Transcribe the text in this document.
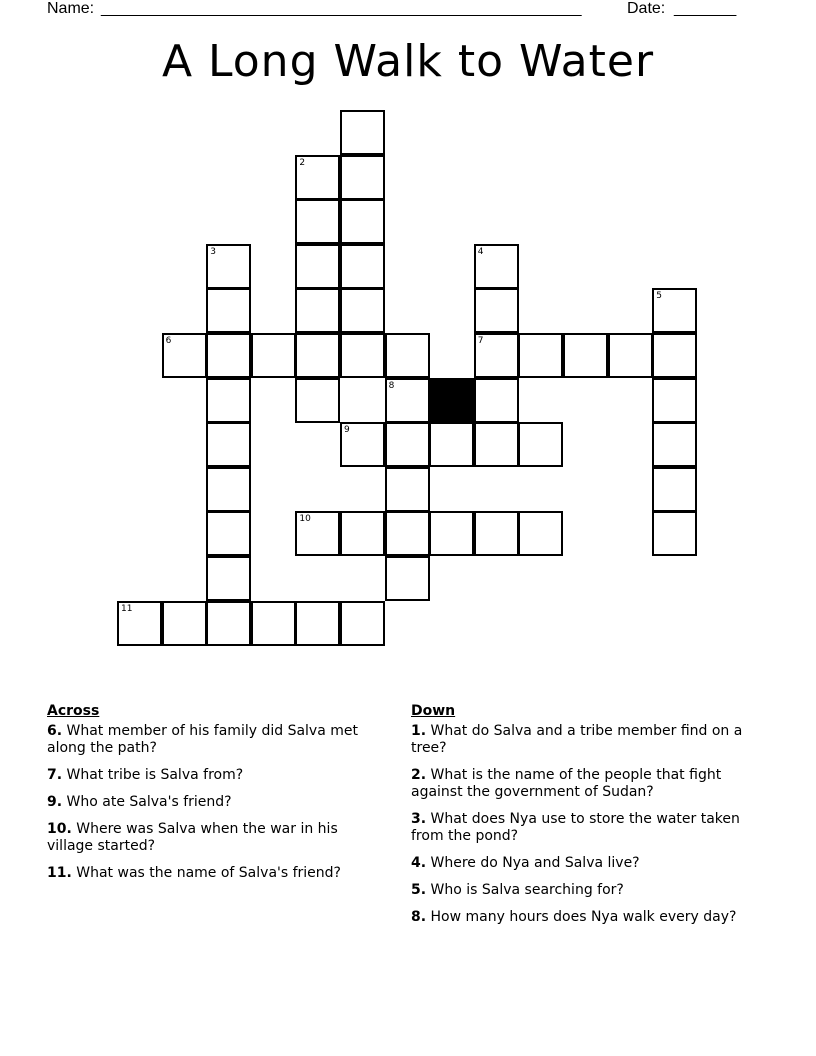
Name: ______________________________________________________	Date: _______
A Long Walk to Water
6	7
9
10
11
2
3	4
5
8
Across
6. What member of his family did Salva met along the path?
7. What tribe is Salva from?
9. Who ate Salva's friend?
10. Where was Salva when the war in his village started?
11. What was the name of Salva's friend?
Down
1. What do Salva and a tribe member find on a tree?
2. What is the name of the people that fight against the government of Sudan?
3. What does Nya use to store the water taken from the pond?
4. Where do Nya and Salva live?
5. Who is Salva searching for?
8. How many hours does Nya walk every day?
